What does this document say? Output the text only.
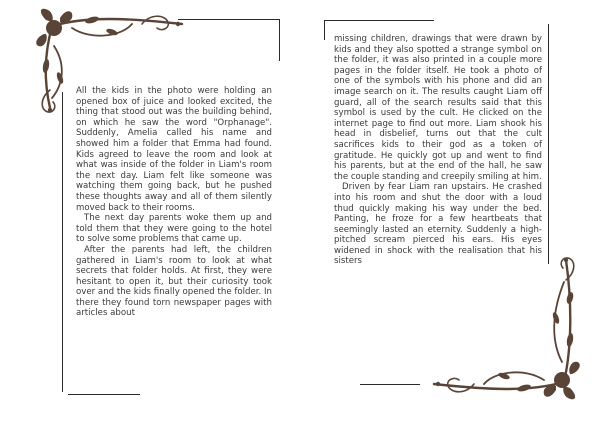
All the kids in the photo were holding an opened box of juice and looked excited, the thing that stood out was the building behind, on which he saw the word "Orphanage". Suddenly, Amelia called his name and showed him a folder that Emma had found. Kids agreed to leave the room and look at what was inside of the folder in Liam's room the next day. Liam felt like someone was watching them going back, but he pushed these thoughts away and all of them silently moved back to their rooms.

The next day parents woke them up and told them that they were going to the hotel to solve some problems that came up.

After the parents had left, the children gathered in Liam's room to look at what secrets that folder holds. At first, they were hesitant to open it, but their curiosity took over and the kids finally opened the folder. In there they found torn newspaper pages with articles about

missing children, drawings that were drawn by kids and they also spotted a strange symbol on the folder, it was also printed in a couple more pages in the folder itself. He took a photo of one of the symbols with his phone and did an image search on it. The results caught Liam off guard, all of the search results said that this symbol is used by the cult. He clicked on the internet page to find out more. Liam shook his head in disbelief, turns out that the cult sacrifices kids to their god as a token of gratitude. He quickly got up and went to find his parents, but at the end of the hall, he saw the couple standing and creepily smiling at him.

Driven by fear Liam ran upstairs. He crashed into his room and shut the door with a loud thud quickly making his way under the bed. Panting, he froze for a few heartbeats that seemingly lasted an eternity. Suddenly a high-pitched scream pierced his ears. His eyes widened in shock with the realisation that his sisters
